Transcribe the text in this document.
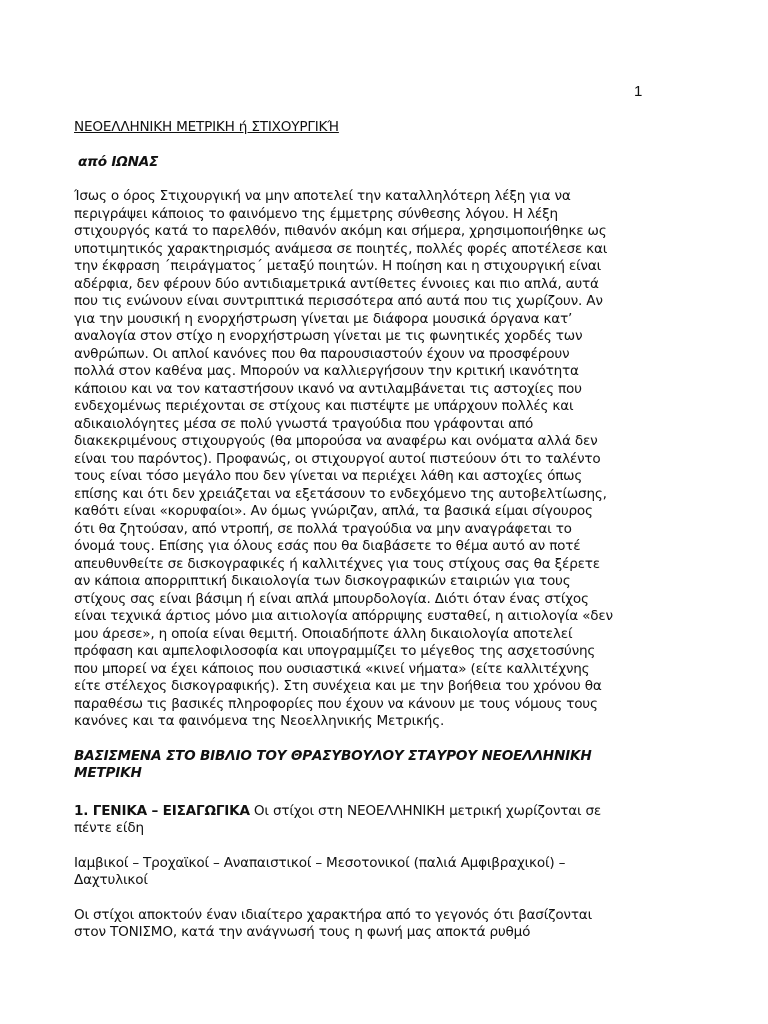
1
ΝΕΟΕΛΛΗΝΙΚΗ ΜΕΤΡΙΚΗ ή ΣΤΙΧΟΥΡΓΙΚΉ

από ΙΩΝΑΣ

Ίσως ο όρος Στιχουργική να μην αποτελεί την καταλληλότερη λέξη για να
περιγράψει κάποιος το φαινόμενο της έμμετρης σύνθεσης λόγου. Η λέξη
στιχουργός κατά το παρελθόν, πιθανόν ακόμη και σήμερα, χρησιμοποιήθηκε ως
υποτιμητικός χαρακτηρισμός ανάμεσα σε ποιητές, πολλές φορές αποτέλεσε και
την έκφραση ΄πειράγματος΄ μεταξύ ποιητών. Η ποίηση και η στιχουργική είναι
αδέρφια, δεν φέρουν δύο αντιδιαμετρικά αντίθετες έννοιες και πιο απλά, αυτά
που τις ενώνουν είναι συντριπτικά περισσότερα από αυτά που τις χωρίζουν. Αν
για την μουσική η ενορχήστρωση γίνεται με διάφορα μουσικά όργανα κατ’
αναλογία στον στίχο η ενορχήστρωση γίνεται με τις φωνητικές χορδές των
ανθρώπων. Οι απλοί κανόνες που θα παρουσιαστούν έχουν να προσφέρουν
πολλά στον καθένα μας. Μπορούν να καλλιεργήσουν την κριτική ικανότητα
κάποιου και να τον καταστήσουν ικανό να αντιλαμβάνεται τις αστοχίες που
ενδεχομένως περιέχονται σε στίχους και πιστέψτε με υπάρχουν πολλές και
αδικαιολόγητες μέσα σε πολύ γνωστά τραγούδια που γράφονται από
διακεκριμένους στιχουργούς (θα μπορούσα να αναφέρω και ονόματα αλλά δεν
είναι του παρόντος). Προφανώς, οι στιχουργοί αυτοί πιστεύουν ότι το ταλέντο
τους είναι τόσο μεγάλο που δεν γίνεται να περιέχει λάθη και αστοχίες όπως
επίσης και ότι δεν χρειάζεται να εξετάσουν το ενδεχόμενο της αυτοβελτίωσης,
καθότι είναι «κορυφαίοι». Αν όμως γνώριζαν, απλά, τα βασικά είμαι σίγουρος
ότι θα ζητούσαν, από ντροπή, σε πολλά τραγούδια να μην αναγράφεται το
όνομά τους. Επίσης για όλους εσάς που θα διαβάσετε το θέμα αυτό αν ποτέ
απευθυνθείτε σε δισκογραφικές ή καλλιτέχνες για τους στίχους σας θα ξέρετε
αν κάποια απορριπτική δικαιολογία των δισκογραφικών εταιριών για τους
στίχους σας είναι βάσιμη ή είναι απλά μπουρδολογία. Διότι όταν ένας στίχος
είναι τεχνικά άρτιος μόνο μια αιτιολογία απόρριψης ευσταθεί, η αιτιολογία «δεν
μου άρεσε», η οποία είναι θεμιτή. Οποιαδήποτε άλλη δικαιολογία αποτελεί
πρόφαση και αμπελοφιλοσοφία και υπογραμμίζει το μέγεθος της ασχετοσύνης
που μπορεί να έχει κάποιος που ουσιαστικά «κινεί νήματα» (είτε καλλιτέχνης
είτε στέλεχος δισκογραφικής). Στη συνέχεια και με την βοήθεια του χρόνου θα
παραθέσω τις βασικές πληροφορίες που έχουν να κάνουν με τους νόμους τους
κανόνες και τα φαινόμενα της Νεοελληνικής Μετρικής.

ΒΑΣΙΣΜΕΝΑ ΣΤΟ ΒΙΒΛΙΟ ΤΟΥ ΘΡΑΣΥΒΟΥΛΟΥ ΣΤΑΥΡΟΥ ΝΕΟΕΛΛΗΝΙΚΗ
ΜΕΤΡΙΚΗ

1. ΓΕΝΙΚΑ – ΕΙΣΑΓΩΓΙΚΑ Οι στίχοι στη ΝΕΟΕΛΛΗΝΙΚΗ μετρική χωρίζονται σε
πέντε είδη

Ιαμβικοί – Τροχαϊκοί – Αναπαιστικοί – Μεσοτονικοί (παλιά Αμφιβραχικοί) –
Δαχτυλικοί

Οι στίχοι αποκτούν έναν ιδιαίτερο χαρακτήρα από το γεγονός ότι βασίζονται
στον ΤΟΝΙΣΜΟ, κατά την ανάγνωσή τους η φωνή μας αποκτά ρυθμό
